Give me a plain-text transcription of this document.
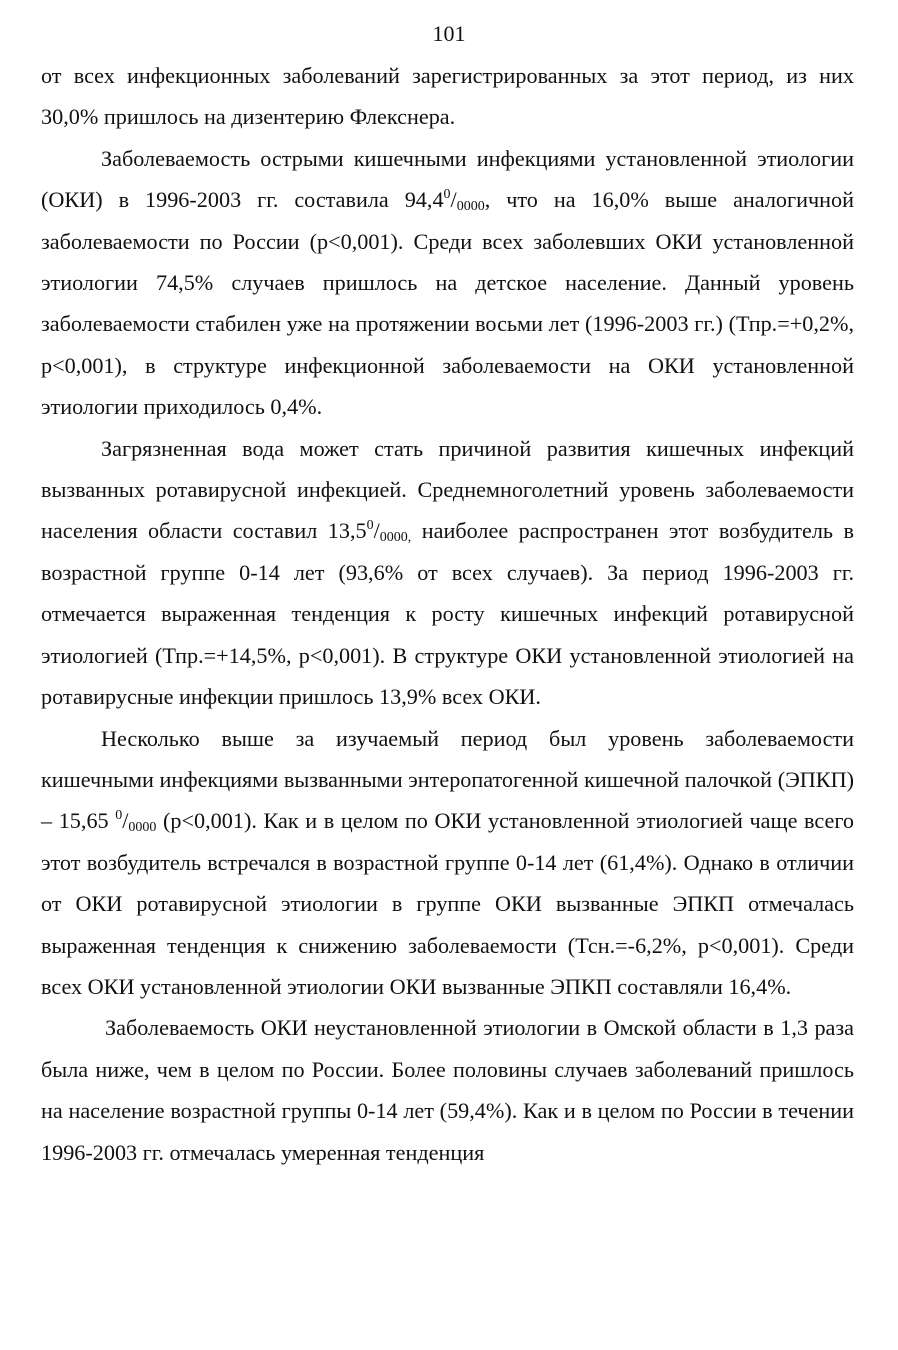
101

от всех инфекционных заболеваний зарегистрированных за этот период, из них 30,0% пришлось на дизентерию Флекснера.

Заболеваемость острыми кишечными инфекциями установленной этиологии (ОКИ) в 1996-2003 гг. составила $94,4^0/_{0000}$, что на 16,0% выше аналогичной заболеваемости по России (р<0,001). Среди всех заболевших ОКИ установленной этиологии 74,5% случаев пришлось на детское население. Данный уровень заболеваемости стабилен уже на протяжении восьми лет (1996-2003 гг.) (Тпр.=+0,2%, р<0,001), в структуре инфекционной заболеваемости на ОКИ установленной этиологии приходилось 0,4%.

Загрязненная вода может стать причиной развития кишечных инфекций вызванных ротавирусной инфекцией. Среднемноголетний уровень заболеваемости населения области составил $13,5^0/_{0000,}$ наиболее распространен этот возбудитель в возрастной группе 0-14 лет (93,6% от всех случаев). За период 1996-2003 гг. отмечается выраженная тенденция к росту кишечных инфекций ротавирусной этиологией (Тпр.=+14,5%, р<0,001). В структуре ОКИ установленной этиологией на ротавирусные инфекции пришлось 13,9% всех ОКИ.

Несколько выше за изучаемый период был уровень заболеваемости кишечными инфекциями вызванными энтеропатогенной кишечной палочкой (ЭПКП) – 15,65 $^0/_{0000}$ (р<0,001). Как и в целом по ОКИ установленной этиологией чаще всего этот возбудитель встречался в возрастной группе 0-14 лет (61,4%). Однако в отличии от ОКИ ротавирусной этиологии в группе ОКИ вызванные ЭПКП отмечалась выраженная тенденция к снижению заболеваемости (Тсн.=-6,2%, р<0,001). Среди всех ОКИ установленной этиологии ОКИ вызванные ЭПКП составляли 16,4%.

Заболеваемость ОКИ неустановленной этиологии в Омской области в 1,3 раза была ниже, чем в целом по России. Более половины случаев заболеваний пришлось на население возрастной группы 0-14 лет (59,4%). Как и в целом по России в течении 1996-2003 гг. отмечалась умеренная тенденция
